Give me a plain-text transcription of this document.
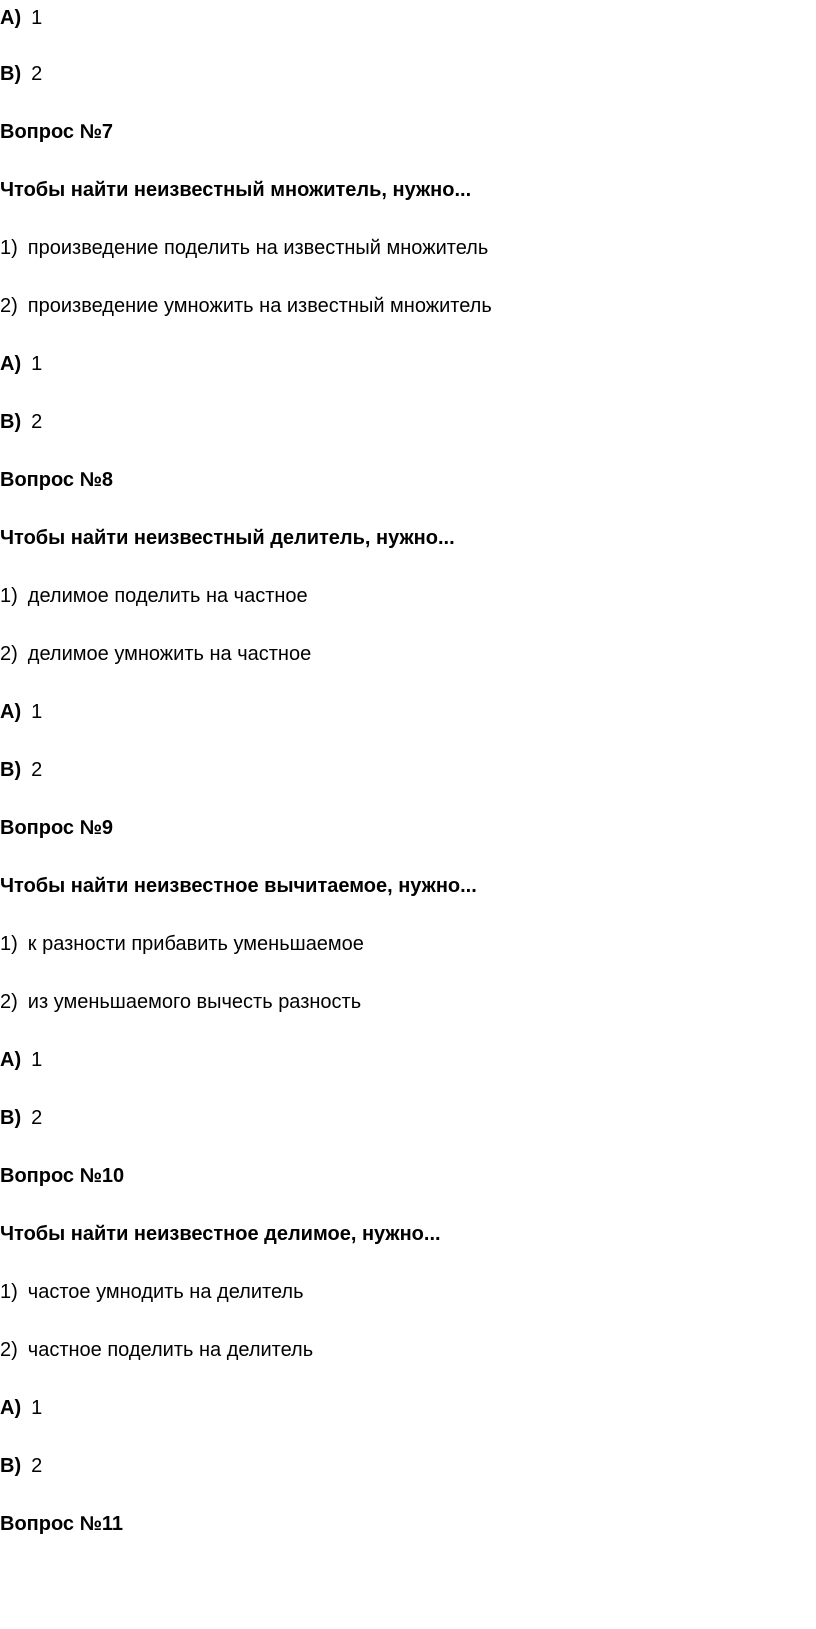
A) 1
B) 2
Вопрос №7
Чтобы найти неизвестный множитель, нужно...
1) произведение поделить на известный множитель
2) произведение умножить на известный множитель
A) 1
B) 2
Вопрос №8
Чтобы найти неизвестный делитель, нужно...
1) делимое поделить на частное
2) делимое умножить на частное
A) 1
B) 2
Вопрос №9
Чтобы найти неизвестное вычитаемое, нужно...
1) к разности прибавить уменьшаемое
2) из уменьшаемого вычесть разность
A) 1
B) 2
Вопрос №10
Чтобы найти неизвестное делимое, нужно...
1) частое умнодить на делитель
2) частное поделить на делитель
A) 1
B) 2
Вопрос №11
